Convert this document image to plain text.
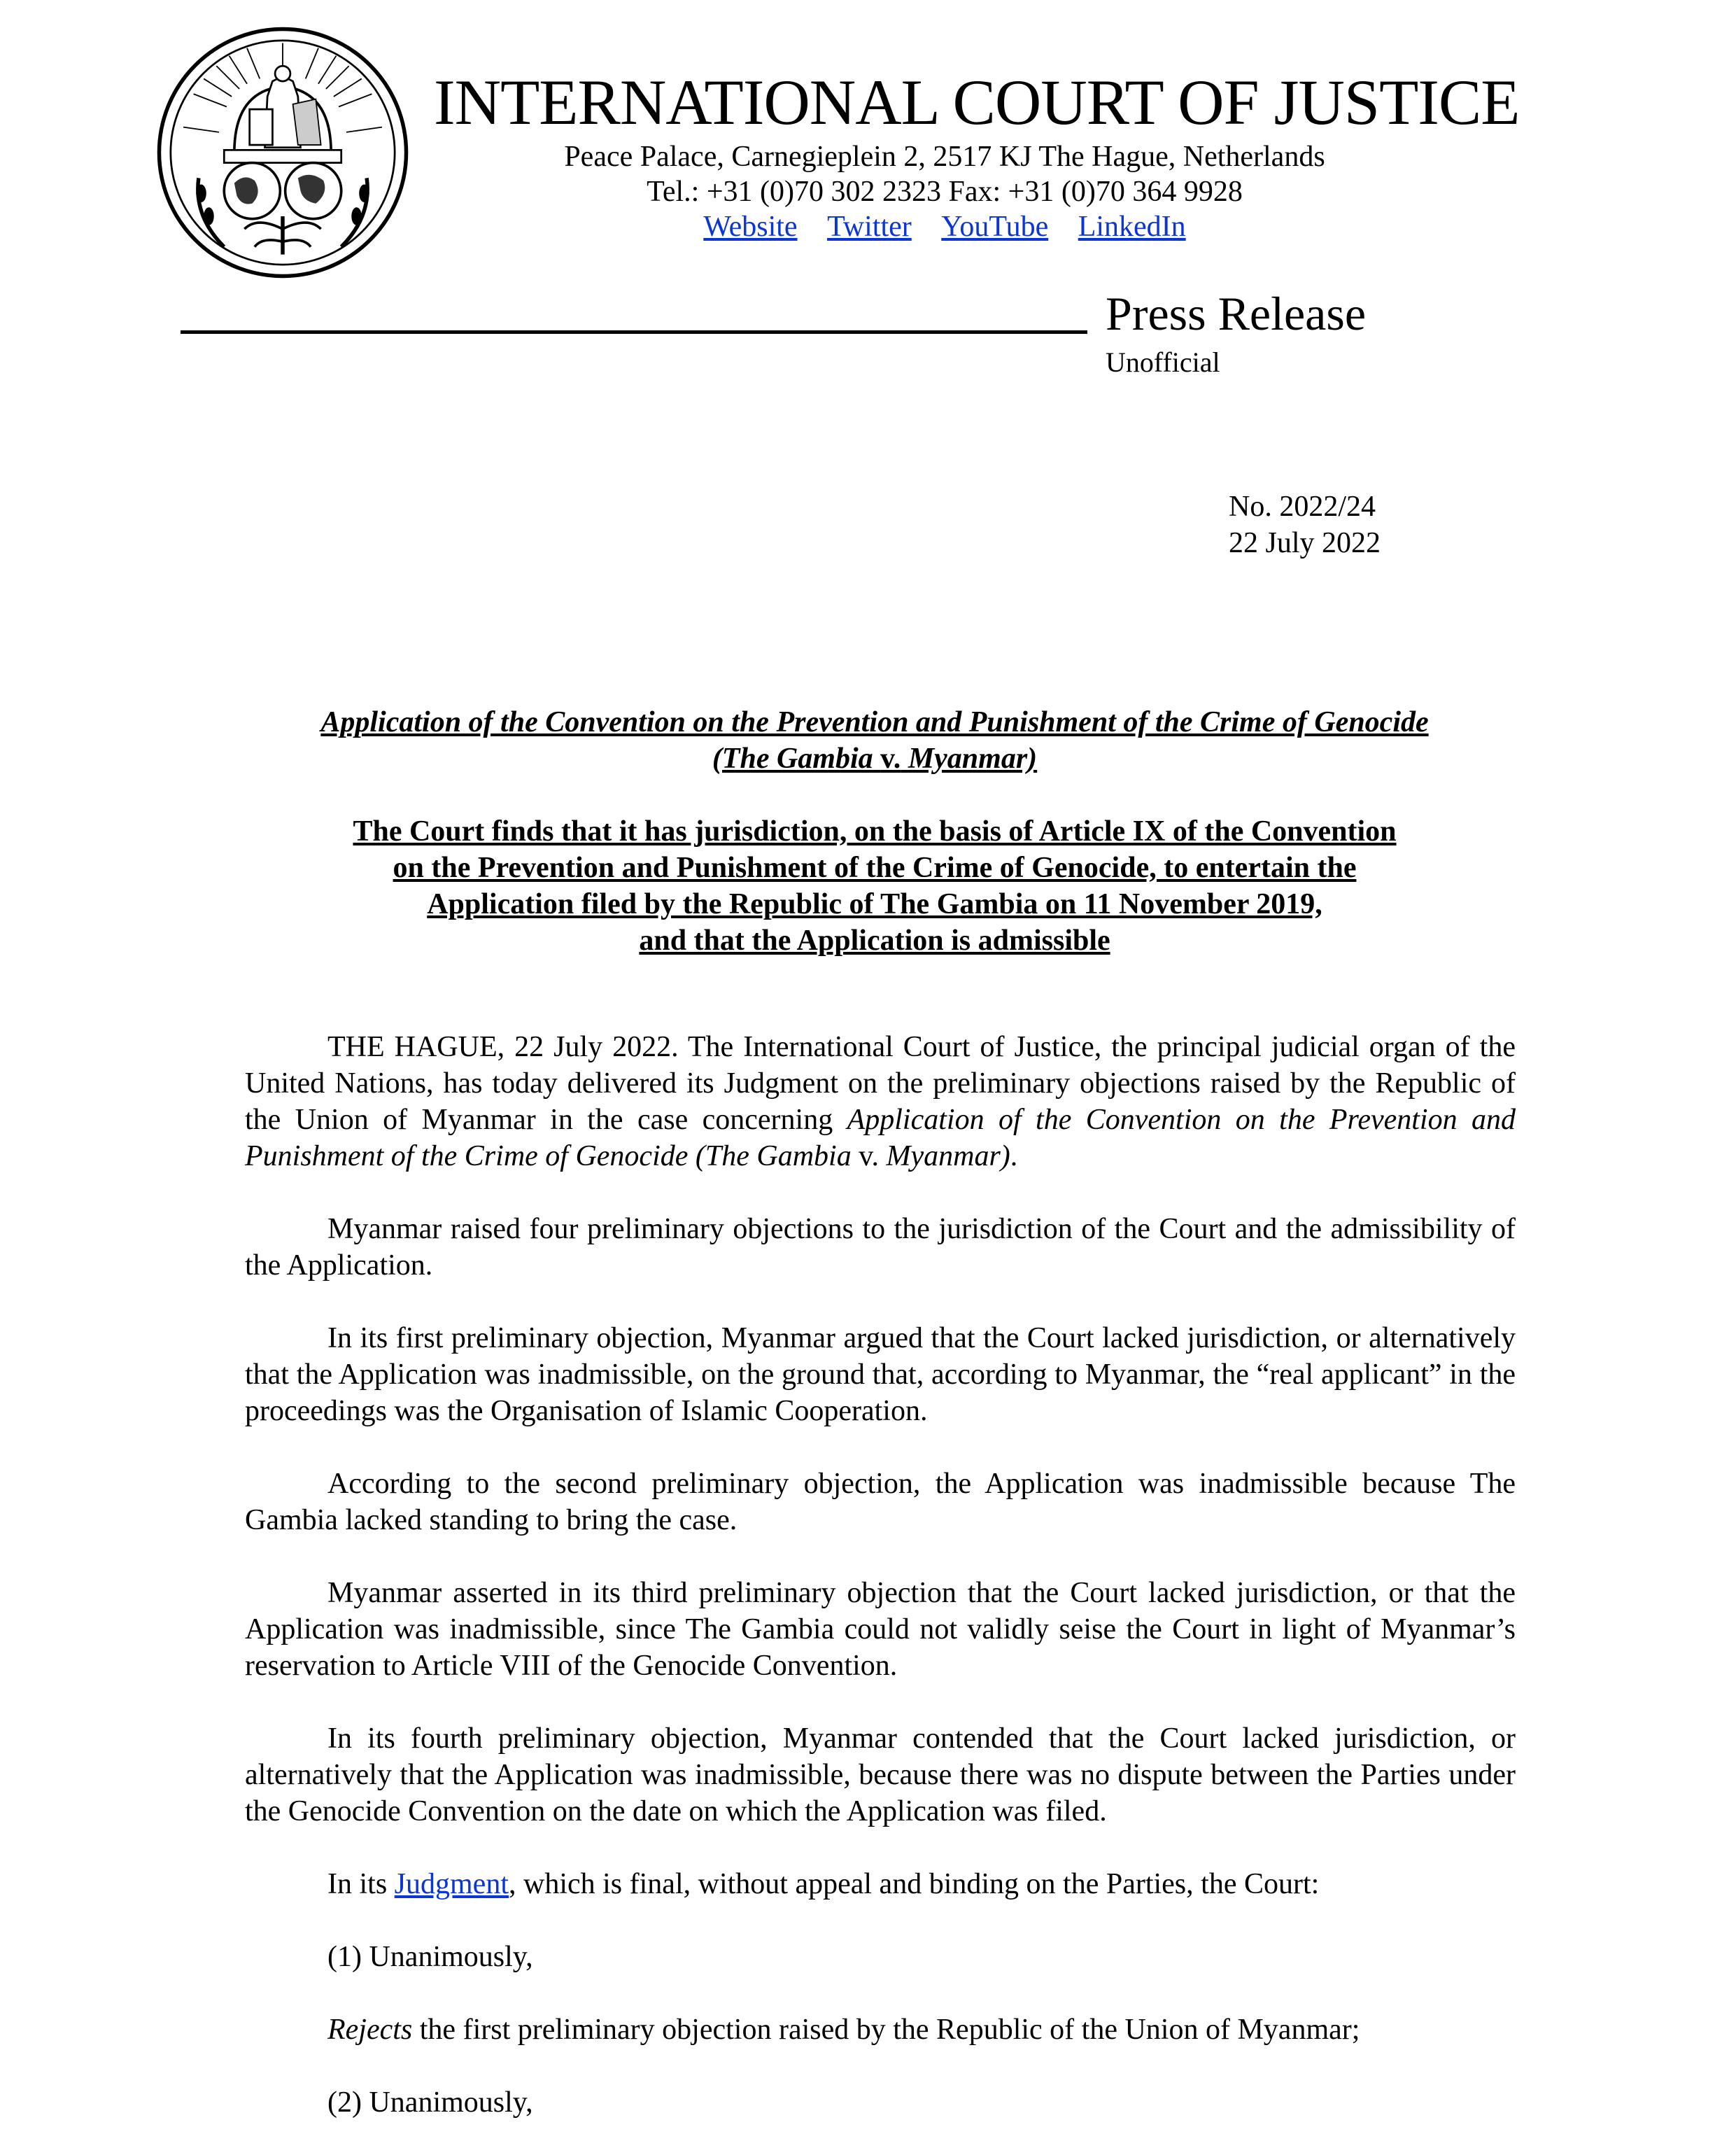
INTERNATIONAL COURT OF JUSTICE
Peace Palace, Carnegieplein 2, 2517 KJ The Hague, Netherlands
Tel.: +31 (0)70 302 2323 Fax: +31 (0)70 364 9928
Website Twitter YouTube LinkedIn
Press Release
Unofficial
No. 2022/24
22 July 2022
Application of the Convention on the Prevention and Punishment of the Crime of Genocide
(The Gambia v. Myanmar)
The Court finds that it has jurisdiction, on the basis of Article IX of the Convention
on the Prevention and Punishment of the Crime of Genocide, to entertain the
Application filed by the Republic of The Gambia on 11 November 2019,
and that the Application is admissible

THE HAGUE, 22 July 2022. The International Court of Justice, the principal judicial organ of the United Nations, has today delivered its Judgment on the preliminary objections raised by the Republic of the Union of Myanmar in the case concerning Application of the Convention on the Prevention and Punishment of the Crime of Genocide (The Gambia v. Myanmar).

Myanmar raised four preliminary objections to the jurisdiction of the Court and the admissibility of the Application.

In its first preliminary objection, Myanmar argued that the Court lacked jurisdiction, or alternatively that the Application was inadmissible, on the ground that, according to Myanmar, the “real applicant” in the proceedings was the Organisation of Islamic Cooperation.

According to the second preliminary objection, the Application was inadmissible because The Gambia lacked standing to bring the case.

Myanmar asserted in its third preliminary objection that the Court lacked jurisdiction, or that the Application was inadmissible, since The Gambia could not validly seise the Court in light of Myanmar’s reservation to Article VIII of the Genocide Convention.

In its fourth preliminary objection, Myanmar contended that the Court lacked jurisdiction, or alternatively that the Application was inadmissible, because there was no dispute between the Parties under the Genocide Convention on the date on which the Application was filed.

In its Judgment, which is final, without appeal and binding on the Parties, the Court:
(1) Unanimously,
Rejects the first preliminary objection raised by the Republic of the Union of Myanmar;
(2) Unanimously,
